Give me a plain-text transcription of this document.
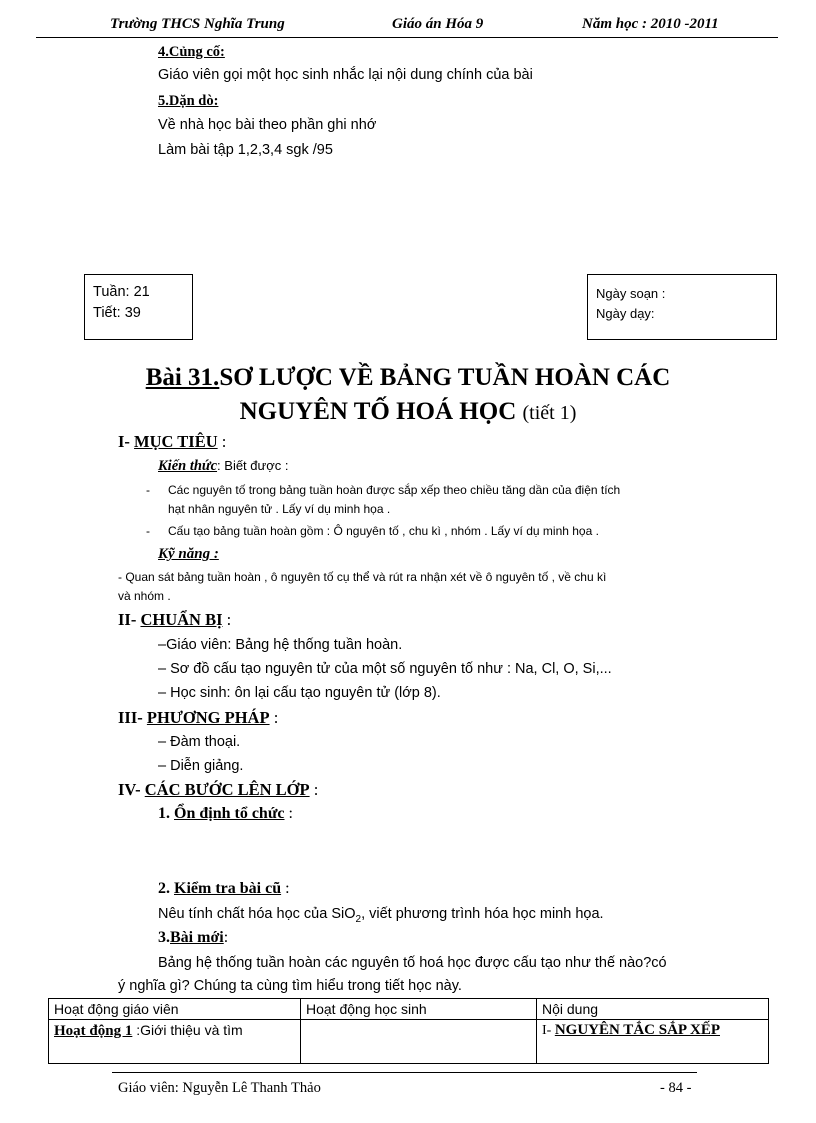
Trường THCS Nghĩa Trung	Giáo án Hóa 9	Năm học : 2010 -2011
4.Củng cố:
Giáo viên gọi một học sinh nhắc lại nội dung chính của bài
5.Dặn dò:
Về nhà học bài theo phần ghi nhớ
Làm bài tập 1,2,3,4 sgk /95
Tuần: 21
Tiết: 39
Ngày soạn :
Ngày dạy:
Bài 31.SƠ LƯỢC VỀ BẢNG TUẦN HOÀN CÁC
NGUYÊN TỐ HOÁ HỌC (tiết 1)
I- MỤC TIÊU :
Kiến thức: Biết được :
- Các nguyên tố trong bảng tuần hoàn được sắp xếp theo chiều tăng dần của điện tích
hạt nhân nguyên tử . Lấy ví dụ minh họa .
- Cấu tạo bảng tuần hoàn gồm : Ô nguyên tố , chu kì , nhóm . Lấy ví dụ minh họa .
Kỹ năng :
- Quan sát bảng tuần hoàn , ô nguyên tố cụ thể và rút ra nhận xét về ô nguyên tố , về chu kì
và nhóm .
II- CHUẨN BỊ :
–Giáo viên: Bảng hệ thống tuần hoàn.
– Sơ đồ cấu tạo nguyên tử của một số nguyên tố như : Na, Cl, O, Si,...
– Học sinh: ôn lại cấu tạo nguyên tử (lớp 8).
III- PHƯƠNG PHÁP :
– Đàm thoại.
– Diễn giảng.
IV- CÁC BƯỚC LÊN LỚP :
1. Ổn định tổ chức :
2. Kiểm tra bài cũ :
Nêu tính chất hóa học của SiO$_2$, viết phương trình hóa học minh họa.
3.Bài mới:
Bảng hệ thống tuần hoàn các nguyên tố hoá học được cấu tạo như thế nào?có
ý nghĩa gì? Chúng ta cùng tìm hiểu trong tiết học này.
Hoạt động giáo viên	Hoạt động học sinh	Nội dung
Hoạt động 1 :Giới thiệu và tìm		I- NGUYÊN TẮC SẮP XẾP
Giáo viên: Nguyễn Lê Thanh Thảo	- 84 -
